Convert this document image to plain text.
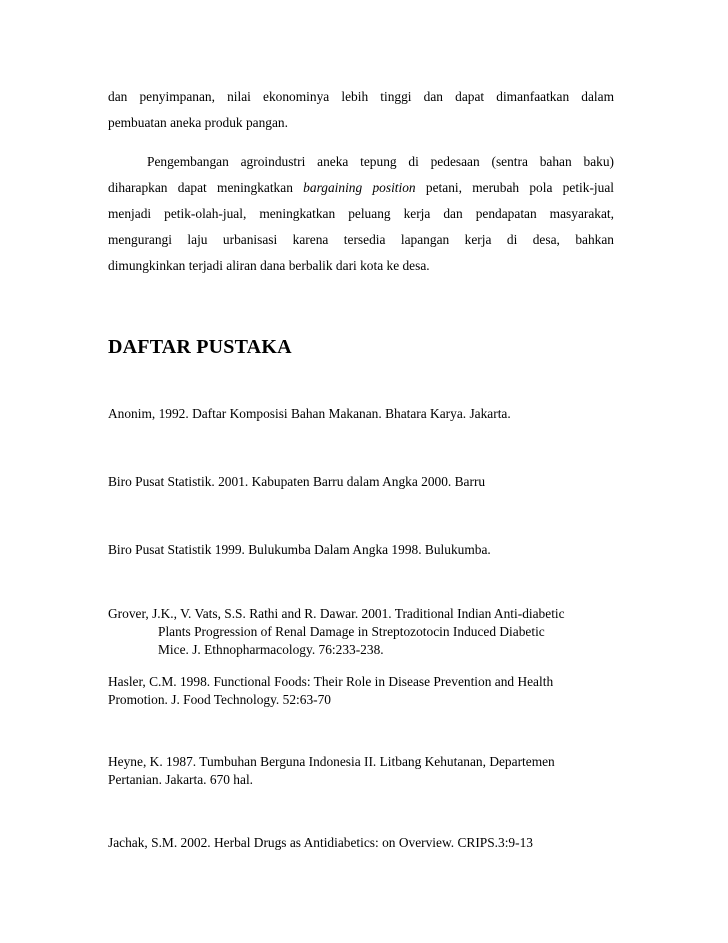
dan penyimpanan, nilai ekonominya lebih tinggi dan dapat dimanfaatkan dalam
pembuatan aneka produk pangan.
Pengembangan agroindustri aneka tepung di pedesaan (sentra bahan baku)
diharapkan dapat meningkatkan bargaining position petani, merubah pola petik-jual
menjadi petik-olah-jual, meningkatkan peluang kerja dan pendapatan masyarakat,
mengurangi laju urbanisasi karena tersedia lapangan kerja di desa, bahkan
dimungkinkan terjadi aliran dana berbalik dari kota ke desa.
DAFTAR PUSTAKA
Anonim, 1992. Daftar Komposisi Bahan Makanan. Bhatara Karya. Jakarta.
Biro Pusat Statistik. 2001. Kabupaten Barru dalam Angka 2000. Barru
Biro Pusat Statistik 1999. Bulukumba Dalam Angka 1998. Bulukumba.
Grover, J.K., V. Vats, S.S. Rathi and R. Dawar. 2001. Traditional Indian Anti-diabetic
Plants Progression of Renal Damage in Streptozotocin Induced Diabetic
Mice. J. Ethnopharmacology. 76:233-238.
Hasler, C.M. 1998. Functional Foods: Their Role in Disease Prevention and Health
Promotion. J. Food Technology. 52:63-70
Heyne, K. 1987. Tumbuhan Berguna Indonesia II. Litbang Kehutanan, Departemen
Pertanian. Jakarta. 670 hal.
Jachak, S.M. 2002. Herbal Drugs as Antidiabetics: on Overview. CRIPS.3:9-13
